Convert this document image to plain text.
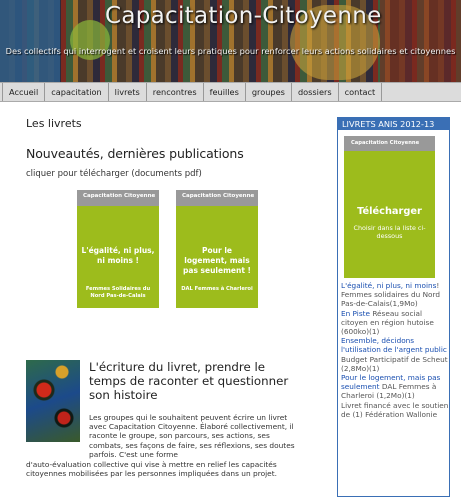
Capacitation-Citoyenne
Des collectifs qui interrogent et croisent leurs pratiques pour renforcer leurs actions solidaires et citoyennes
Accueil	capacitation	livrets	rencontres	feuilles	groupes	dossiers	contact
Les livrets
Nouveautés, dernières publications
cliquer pour télécharger (documents pdf)
Capacitation Citoyenne
L'égalité, ni plus, ni moins !
Femmes Solidaires du Nord Pas-de-Calais
Capacitation Citoyenne
Pour le logement, mais pas seulement !
DAL Femmes à Charleroi
L'écriture du livret, prendre le temps de raconter et questionner son histoire
Les groupes qui le souhaitent peuvent écrire un livret avec Capacitation Citoyenne. Élaboré collectivement, il raconte le groupe, son parcours, ses actions, ses combats, ses façons de faire, ses réflexions, ses doutes parfois. C'est une forme
d'auto-évaluation collective qui vise à mettre en relief les capacités citoyennes mobilisées par les personnes impliquées dans un projet.
LIVRETS ANIS 2012-13
Capacitation Citoyenne
Télécharger
Choisir dans la liste ci-dessous
L'égalité, ni plus, ni moins! Femmes solidaires du Nord Pas-de-Calais(1,9Mo)
En Piste Réseau social citoyen en région hutoise (600ko)(1)
Ensemble, décidons l'utilisation de l'argent public Budget Participatif de Scheut (2,8Mo)(1)
Pour le logement, mais pas seulement DAL Femmes à Charleroi (1,2Mo)(1)
Livret financé avec le soutien de (1) Fédération Wallonie
